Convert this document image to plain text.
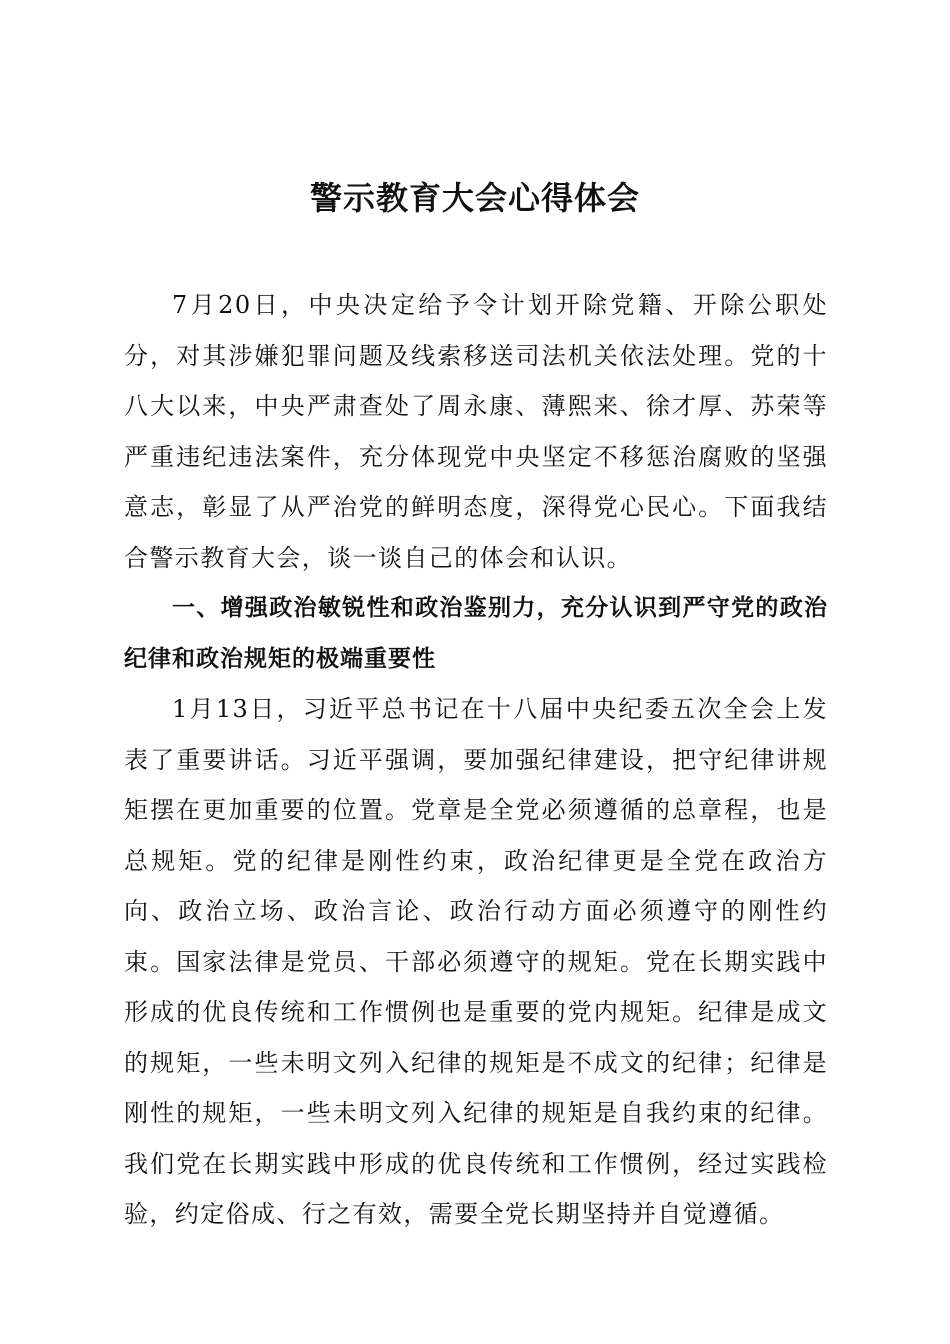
警示教育大会心得体会

7月20日，中央决定给予令计划开除党籍、开除公职处分，对其涉嫌犯罪问题及线索移送司法机关依法处理。党的十八大以来，中央严肃查处了周永康、薄熙来、徐才厚、苏荣等严重违纪违法案件，充分体现党中央坚定不移惩治腐败的坚强意志，彰显了从严治党的鲜明态度，深得党心民心。下面我结合警示教育大会，谈一谈自己的体会和认识。

一、增强政治敏锐性和政治鉴别力，充分认识到严守党的政治纪律和政治规矩的极端重要性

1月13日，习近平总书记在十八届中央纪委五次全会上发表了重要讲话。习近平强调，要加强纪律建设，把守纪律讲规矩摆在更加重要的位置。党章是全党必须遵循的总章程，也是总规矩。党的纪律是刚性约束，政治纪律更是全党在政治方向、政治立场、政治言论、政治行动方面必须遵守的刚性约束。国家法律是党员、干部必须遵守的规矩。党在长期实践中形成的优良传统和工作惯例也是重要的党内规矩。纪律是成文的规矩，一些未明文列入纪律的规矩是不成文的纪律；纪律是刚性的规矩，一些未明文列入纪律的规矩是自我约束的纪律。我们党在长期实践中形成的优良传统和工作惯例，经过实践检验，约定俗成、行之有效，需要全党长期坚持并自觉遵循。
